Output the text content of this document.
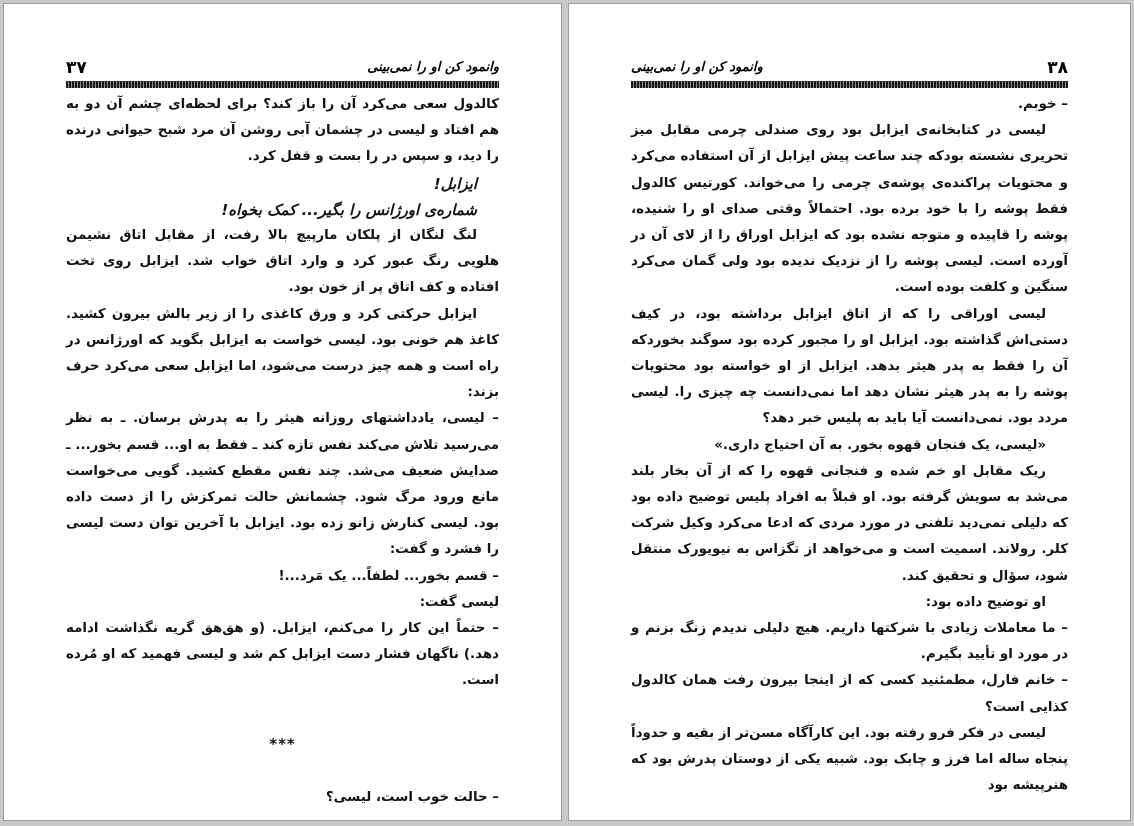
وانمود کن او را نمی‌بینی
۳۷

کالدول سعی می‌کرد آن را باز کند؟ برای لحظه‌ای چشم آن دو به هم افتاد و لیسی در چشمان آبی روشن آن مرد شبح حیوانی درنده را دید، و سپس در را بست و قفل کرد.

ایزابل!

شماره‌ی اورژانس را بگیر... کمک بخواه!

لنگ لنگان از پلکان مارپیچ بالا رفت، از مقابل اتاق نشیمن هلویی رنگ عبور کرد و وارد اتاق خواب شد. ایزابل روی تخت افتاده و کف اتاق پر از خون بود.

ایزابل حرکتی کرد و ورق کاغذی را از زیر بالش بیرون کشید. کاغذ هم خونی بود. لیسی خواست به ایزابل بگوید که اورژانس در راه است و همه چیز درست می‌شود، اما ایزابل سعی می‌کرد حرف بزند:

– لیسی، یادداشتهای روزانه هیثر را به پدرش برسان. ـ به نظر می‌رسید تلاش می‌کند نفس تازه کند ـ فقط به او... قسم بخور... ـ صدایش ضعیف می‌شد. چند نفس مقطع کشید. گویی می‌خواست مانع ورود مرگ شود. چشمانش حالت تمرکزش را از دست داده بود. لیسی کنارش زانو زده بود. ایزابل با آخرین توان دست لیسی را فشرد و گفت:

– قسم بخور... لطفاً... یک مَرد...!

لیسی گفت:

– حتماً این کار را می‌کنم، ایزابل. (و هق‌هق گریه نگذاشت ادامه دهد.) ناگهان فشار دست ایزابل کم شد و لیسی فهمید که او مُرده است.

***

– حالت خوب است، لیسی؟

وانمود کن او را نمی‌بینی	۳۸

– خوبم.

لیسی در کتابخانه‌ی ایزابل بود روی صندلی چرمی مقابل میز تحریری نشسته بودکه چند ساعت پیش ایزابل از آن استفاده می‌کرد و محتویات پراکنده‌ی پوشه‌ی چرمی را می‌خواند. کورتیس کالدول فقط پوشه را با خود برده بود. احتمالاً وقتی صدای او را شنیده، پوشه را قاپیده و متوجه نشده بود که ایزابل اوراق را از لای آن در آورده است. لیسی پوشه را از نزدیک ندیده بود ولی گمان می‌کرد سنگین و کلفت بوده است.

لیسی اوراقی را که از اتاق ایزابل برداشته بود، در کیف دستی‌اش گذاشته بود. ایزابل او را مجبور کرده بود سوگند بخوردکه آن را فقط به پدر هیثر بدهد. ایزابل از او خواسته بود محتویات پوشه را به پدر هیثر نشان دهد اما نمی‌دانست چه چیزی را. لیسی مردد بود. نمی‌دانست آیا باید به پلیس خبر دهد؟

«لیسی، یک فنجان قهوه بخور. به آن احتیاج داری.»

ریک مقابل او خم شده و فنجانی قهوه را که از آن بخار بلند می‌شد به سویش گرفته بود. او قبلاً به افراد پلیس توضیح داده بود که دلیلی نمی‌دید تلفنی در مورد مردی که ادعا می‌کرد وکیل شرکت کلر. رولاند. اسمیت است و می‌خواهد از تگزاس به نیویورک منتقل شود، سؤال و تحقیق کند.

او توضیح داده بود:

– ما معاملات زیادی با شرکتها داریم. هیچ دلیلی ندیدم زنگ بزنم و در مورد او تأیید بگیرم.

– خانم فارل، مطمئنید کسی که از اینجا بیرون رفت همان کالدول کذایی است؟

لیسی در فکر فرو رفته بود. این کارآگاه مسن‌تر از بقیه و حدوداً پنجاه ساله اما فرز و چابک بود. شبیه یکی از دوستان پدرش بود که هنرپیشه بود
